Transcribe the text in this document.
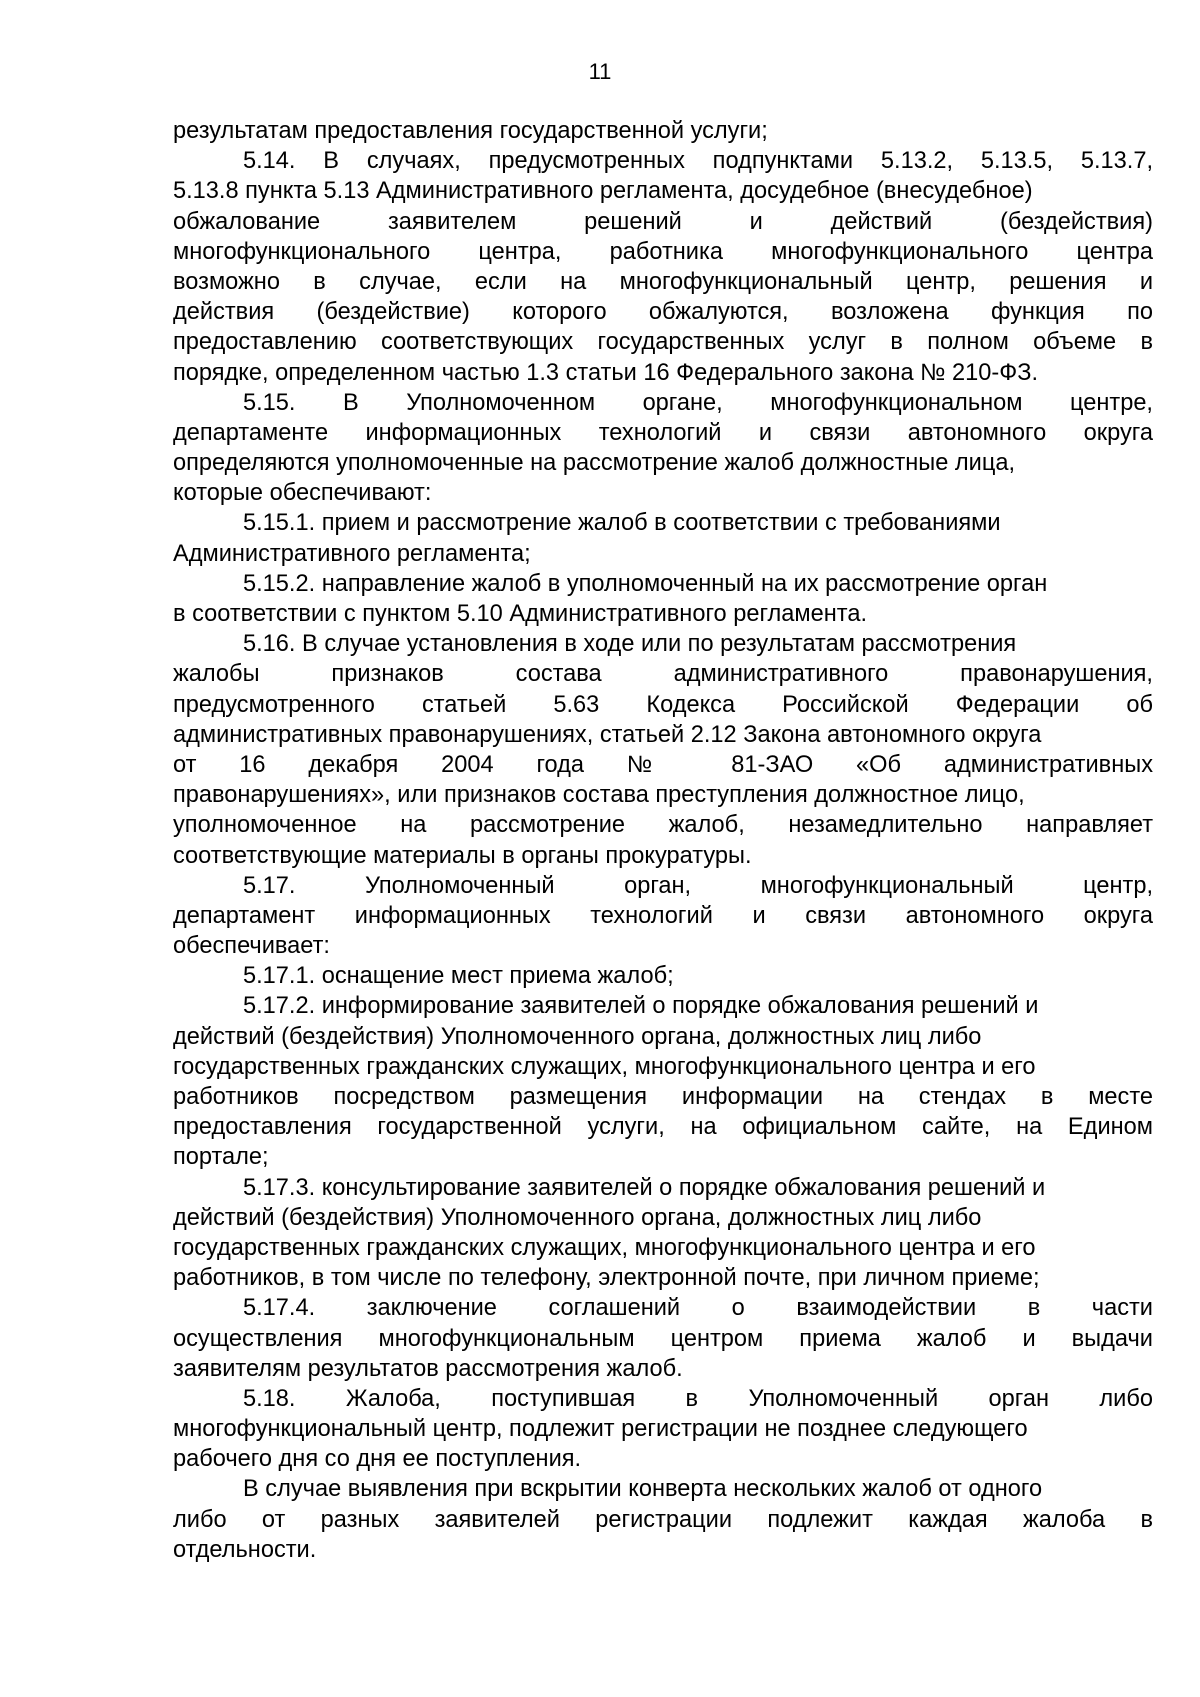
11
результатам предоставления государственной услуги;
5.14. В случаях, предусмотренных подпунктами 5.13.2, 5.13.5, 5.13.7,
5.13.8 пункта 5.13 Административного регламента, досудебное (внесудебное)
обжалование заявителем решений и действий (бездействия)
многофункционального центра, работника многофункционального центра
возможно в случае, если на многофункциональный центр, решения и
действия (бездействие) которого обжалуются, возложена функция по
предоставлению соответствующих государственных услуг в полном объеме в
порядке, определенном частью 1.3 статьи 16 Федерального закона № 210-ФЗ.
5.15. В Уполномоченном органе, многофункциональном центре,
департаменте информационных технологий и связи автономного округа
определяются уполномоченные на рассмотрение жалоб должностные лица,
которые обеспечивают:
5.15.1. прием и рассмотрение жалоб в соответствии с требованиями
Административного регламента;
5.15.2. направление жалоб в уполномоченный на их рассмотрение орган
в соответствии с пунктом 5.10 Административного регламента.
5.16. В случае установления в ходе или по результатам рассмотрения
жалобы признаков состава административного правонарушения,
предусмотренного статьей 5.63 Кодекса Российской Федерации об
административных правонарушениях, статьей 2.12 Закона автономного округа
от 16 декабря 2004 года № 81-ЗАО «Об административных
правонарушениях», или признаков состава преступления должностное лицо,
уполномоченное на рассмотрение жалоб, незамедлительно направляет
соответствующие материалы в органы прокуратуры.
5.17. Уполномоченный орган, многофункциональный центр,
департамент информационных технологий и связи автономного округа
обеспечивает:
5.17.1. оснащение мест приема жалоб;
5.17.2. информирование заявителей о порядке обжалования решений и
действий (бездействия) Уполномоченного органа, должностных лиц либо
государственных гражданских служащих, многофункционального центра и его
работников посредством размещения информации на стендах в месте
предоставления государственной услуги, на официальном сайте, на Едином
портале;
5.17.3. консультирование заявителей о порядке обжалования решений и
действий (бездействия) Уполномоченного органа, должностных лиц либо
государственных гражданских служащих, многофункционального центра и его
работников, в том числе по телефону, электронной почте, при личном приеме;
5.17.4. заключение соглашений о взаимодействии в части
осуществления многофункциональным центром приема жалоб и выдачи
заявителям результатов рассмотрения жалоб.
5.18. Жалоба, поступившая в Уполномоченный орган либо
многофункциональный центр, подлежит регистрации не позднее следующего
рабочего дня со дня ее поступления.
В случае выявления при вскрытии конверта нескольких жалоб от одного
либо от разных заявителей регистрации подлежит каждая жалоба в
отдельности.
